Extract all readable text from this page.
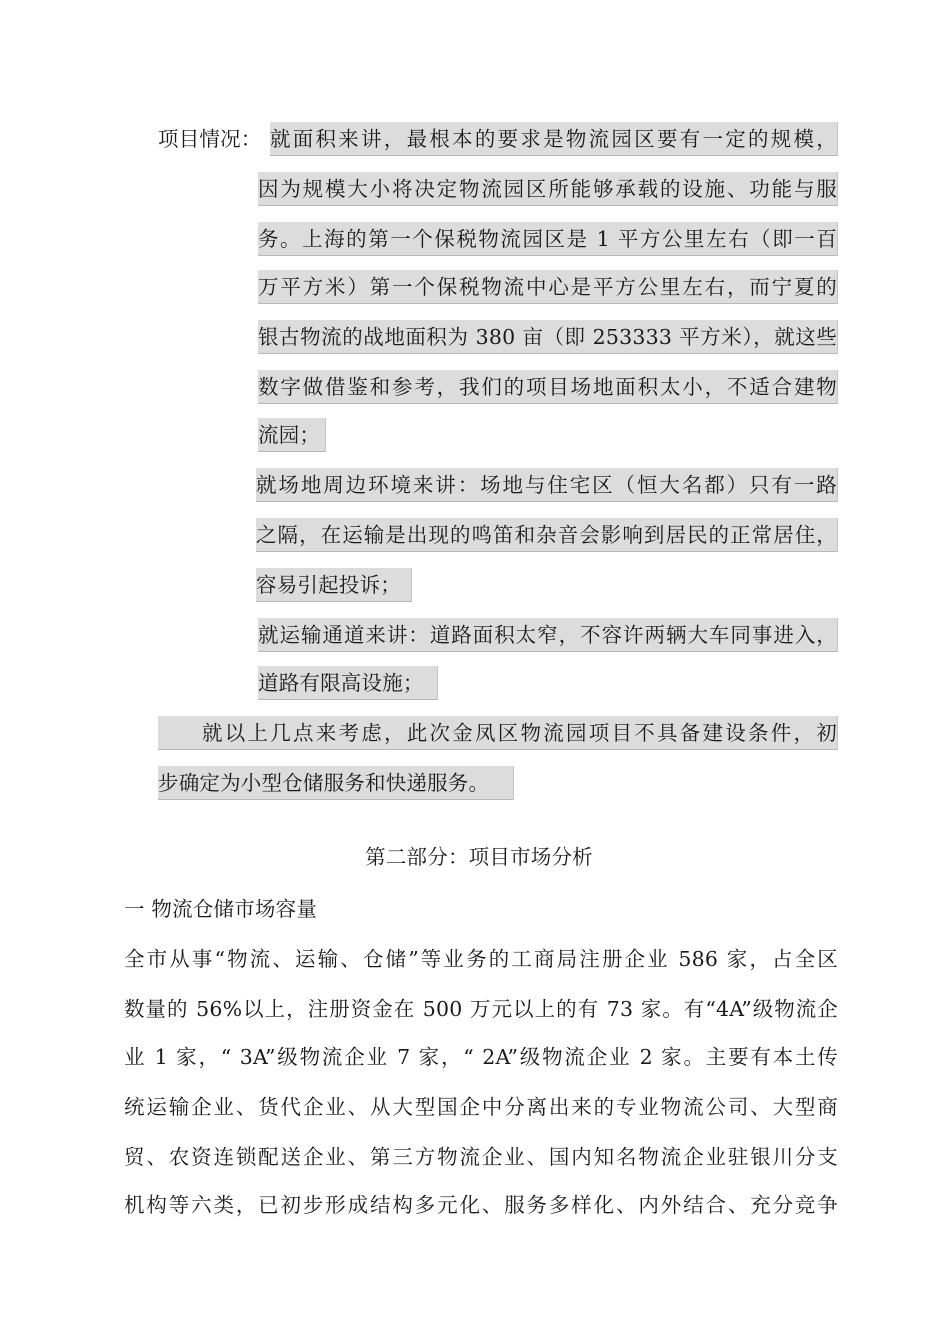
项目情况： 就面积来讲，最根本的要求是物流园区要有一定的规模，
因为规模大小将决定物流园区所能够承载的设施、功能与服
务。上海的第一个保税物流园区是 1 平方公里左右（即一百
万平方米）第一个保税物流中心是平方公里左右，而宁夏的
银古物流的战地面积为 380 亩（即 253333 平方米），就这些
数字做借鉴和参考，我们的项目场地面积太小，不适合建物
流园；
就场地周边环境来讲：场地与住宅区（恒大名都）只有一路
之隔，在运输是出现的鸣笛和杂音会影响到居民的正常居住，
容易引起投诉；
就运输通道来讲：道路面积太窄，不容许两辆大车同事进入，
道路有限高设施；
就以上几点来考虑，此次金凤区物流园项目不具备建设条件，初
步确定为小型仓储服务和快递服务。
第二部分：项目市场分析
一 物流仓储市场容量
全市从事“物流、运输、仓储”等业务的工商局注册企业 586 家，占全区
数量的 56%以上，注册资金在 500 万元以上的有 73 家。有“4A”级物流企
业 1 家，“ 3A”级物流企业 7 家，“ 2A”级物流企业 2 家。主要有本土传
统运输企业、货代企业、从大型国企中分离出来的专业物流公司、大型商
贸、农资连锁配送企业、第三方物流企业、国内知名物流企业驻银川分支
机构等六类，已初步形成结构多元化、服务多样化、内外结合、充分竞争
